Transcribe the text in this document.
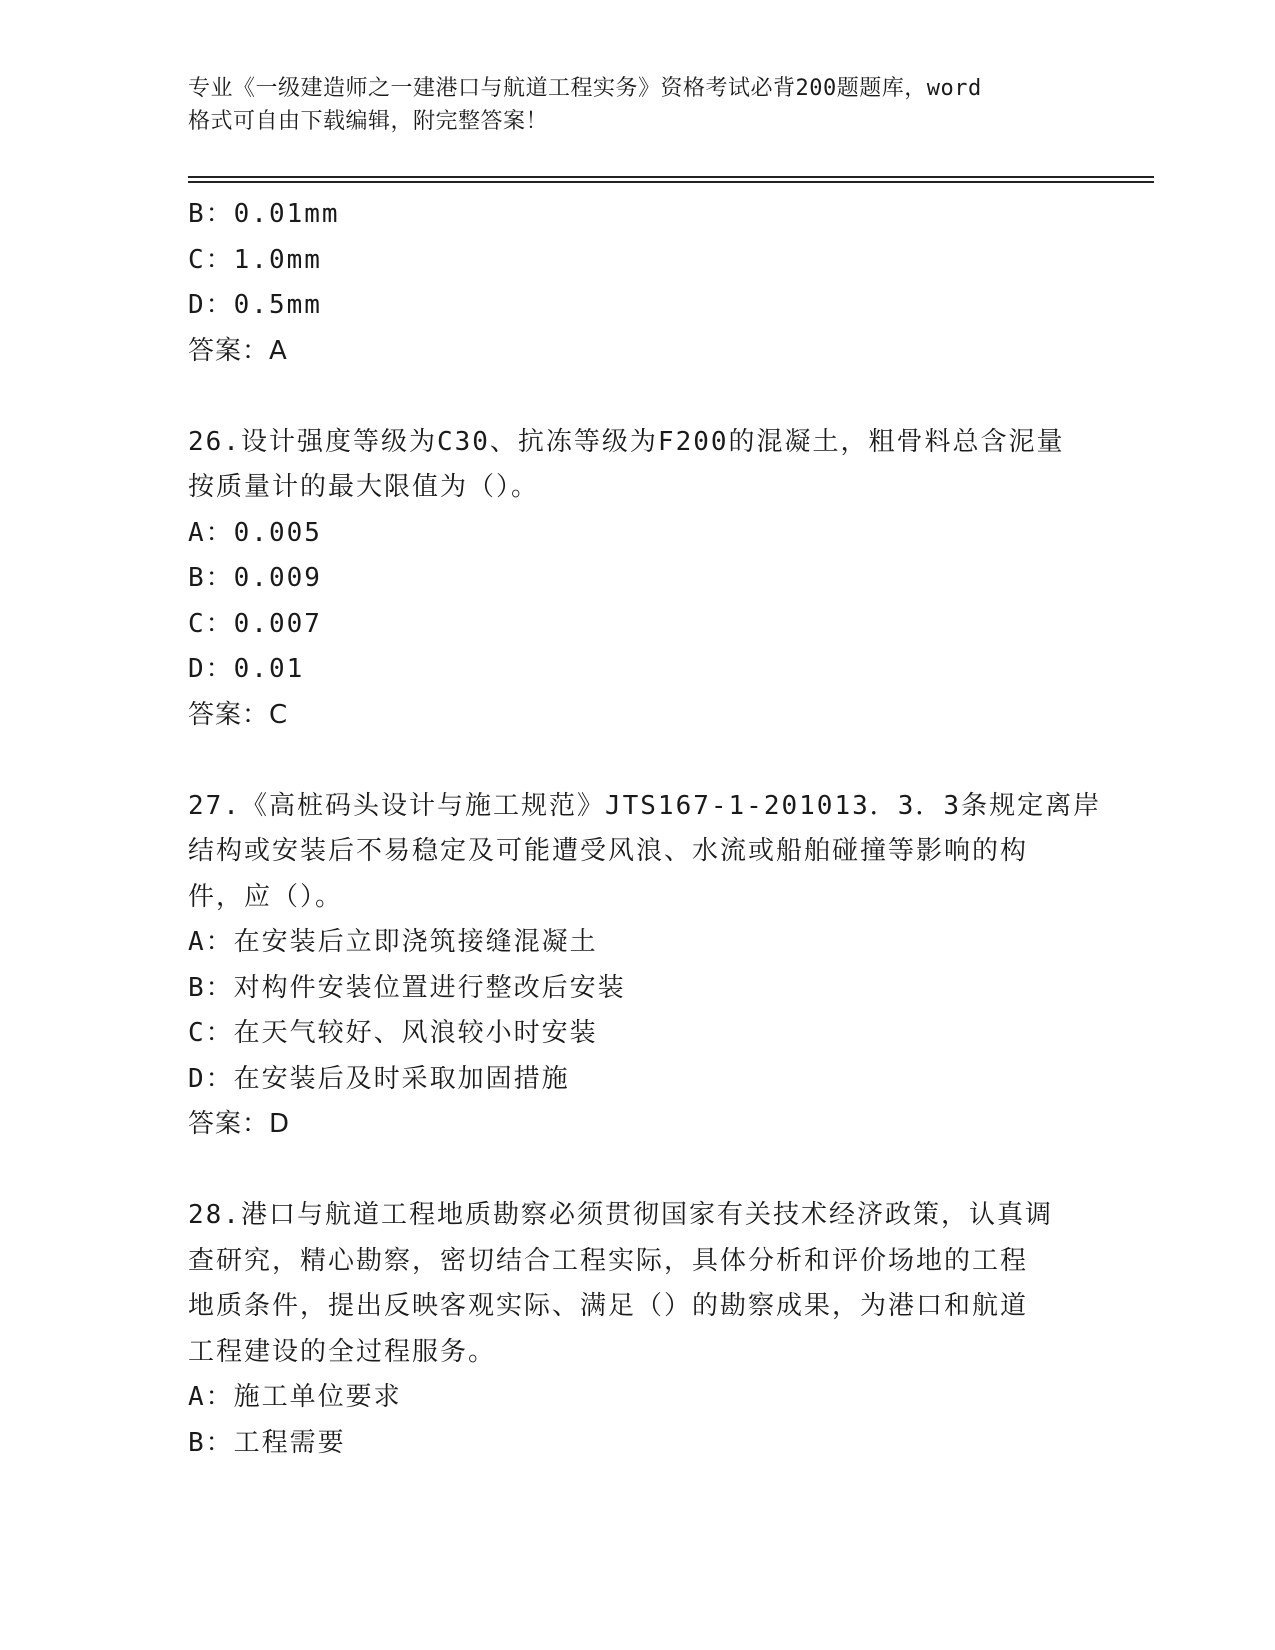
专业《一级建造师之一建港口与航道工程实务》资格考试必背200题题库，word
格式可自由下载编辑，附完整答案！
B：0.01mm
C：1.0mm
D：0.5mm
答案：A
26.设计强度等级为C30、抗冻等级为F200的混凝土，粗骨料总含泥量
按质量计的最大限值为（）。
A：0.005
B：0.009
C：0.007
D：0.01
答案：C
27.《高桩码头设计与施工规范》JTS167-1-201013．3．3条规定离岸
结构或安装后不易稳定及可能遭受风浪、水流或船舶碰撞等影响的构
件，应（）。
A：在安装后立即浇筑接缝混凝土
B：对构件安装位置进行整改后安装
C：在天气较好、风浪较小时安装
D：在安装后及时采取加固措施
答案：D
28.港口与航道工程地质勘察必须贯彻国家有关技术经济政策，认真调
查研究，精心勘察，密切结合工程实际，具体分析和评价场地的工程
地质条件，提出反映客观实际、满足（）的勘察成果，为港口和航道
工程建设的全过程服务。
A：施工单位要求
B：工程需要
